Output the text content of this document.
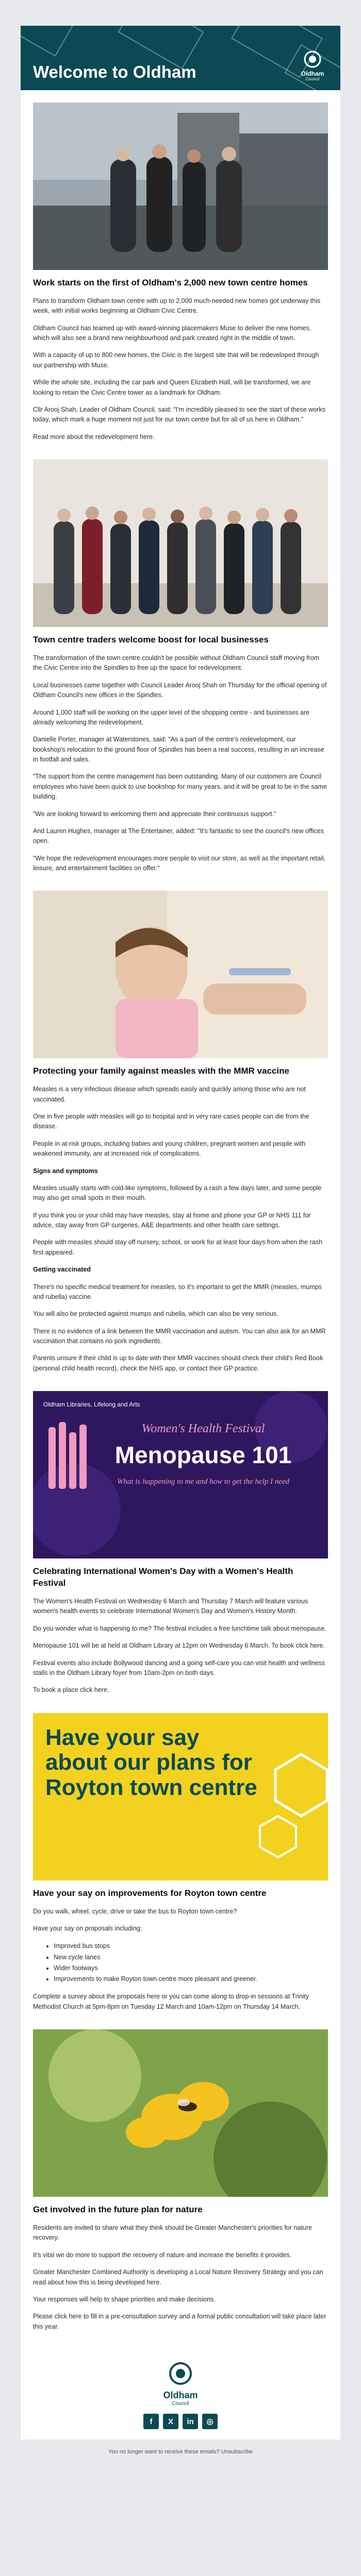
Welcome to Oldham	Oldham
Council
Work starts on the first of Oldham's 2,000 new town centre homes

Plans to transform Oldham town centre with up to 2,000 much-needed new homes got underway this week, with initial works beginning at Oldham Civic Centre.

Oldham Council has teamed up with award-winning placemakers Muse to deliver the new homes, which will also see a brand new neighbourhood and park created right in the middle of town.

With a capacity of up to 800 new homes, the Civic is the largest site that will be redeveloped through our partnership with Muse.

While the whole site, including the car park and Queen Elizabeth Hall, will be transformed, we are looking to retain the Civic Centre tower as a landmark for Oldham.

Cllr Arooj Shah, Leader of Oldham Council, said: "I'm incredibly pleased to see the start of these works today, which mark a huge moment not just for our town centre but for all of us here in Oldham."

Read more about the redevelopment here.

Town centre traders welcome boost for local businesses

The transformation of the town centre couldn't be possible without Oldham Council staff moving from the Civic Centre into the Spindles to free up the space for redevelopment.

Local businesses came together with Council Leader Arooj Shah on Thursday for the official opening of Oldham Council's new offices in the Spindles.

Around 1,000 staff will be working on the upper level of the shopping centre - and businesses are already welcoming the redevelopment.

Danielle Porter, manager at Waterstones, said: "As a part of the centre's redevelopment, our bookshop's relocation to the ground floor of Spindles has been a real success, resulting in an increase in footfall and sales.

"The support from the centre management has been outstanding. Many of our customers are Council employees who have been quick to use bookshop for many years, and it will be great to be in the same building.

"We are looking forward to welcoming them and appreciate their continuous support."

And Lauren Hughes, manager at The Entertainer, added: "It's fantastic to see the council's new offices open.

"We hope the redevelopment encourages more people to visit our store, as well as the important retail, leisure, and entertainment facilities on offer."

Protecting your family against measles with the MMR vaccine

Measles is a very infectious disease which spreads easily and quickly among those who are not vaccinated.

One in five people with measles will go to hospital and in very rare cases people can die from the disease.

People in at-risk groups, including babies and young children, pregnant women and people with weakened immunity, are at increased risk of complications.

Signs and symptoms

Measles usually starts with cold-like symptoms, followed by a rash a few days later, and some people may also get small spots in their mouth.

If you think you or your child may have measles, stay at home and phone your GP or NHS 111 for advice, stay away from GP surgeries, A&E departments and other health care settings.

People with measles should stay off nursery, school, or work for at least four days from when the rash first appeared.

Getting vaccinated

There's no specific medical treatment for measles, so it's important to get the MMR (measles, mumps and rubella) vaccine.

You will also be protected against mumps and rubella, which can also be very serious.

There is no evidence of a link between the MMR vaccination and autism. You can also ask for an MMR vaccination that contains no pork ingredients.

Parents unsure if their child is up to date with their MMR vaccines should check their child's Red Book (personal child health record), check the NHS app, or contact their GP practice.

Oldham Libraries, Lifelong and Arts
Women's Health Festival
Menopause 101
What is happening to me and how to get the help I need
Celebrating International Women's Day with a Women's Health Festival

The Women's Health Festival on Wednesday 6 March and Thursday 7 March will feature various women's health events to celebrate International Women's Day and Women's History Month.

Do you wonder what is happening to me? The festival includes a free lunchtime talk about menopause.

Menopause 101 will be at held at Oldham Library at 12pm on Wednesday 6 March. To book click here.

Festival events also include Bollywood dancing and a going self-care you can visit health and wellness stalls in the Oldham Library foyer from 10am-2pm on both days.

To book a place click here.

Have your say about our plans for Royton town centre
Have your say on improvements for Royton town centre

Do you walk, wheel, cycle, drive or take the bus to Royton town centre?

Have your say on proposals including:

• Improved bus stops
• New cycle lanes
• Wider footways
• Improvements to make Royton town centre more pleasant and greener.

Complete a survey about the proposals here or you can come along to drop-in sessions at Trinity Methodist Church at 5pm-8pm on Tuesday 12 March and 10am-12pm on Thursday 14 March.

Get involved in the future plan for nature

Residents are invited to share what they think should be Greater Manchester's priorities for nature recovery.

It's vital we do more to support the recovery of nature and increase the benefits it provides.

Greater Manchester Combined Authority is developing a Local Nature Recovery Strategy and you can read about how this is being developed here.

Your responses will help to shape priorities and make decisions.

Please click here to fill in a pre-consultation survey and a formal public consultation will take place later this year.

Oldham
Council
f	X	in	◎
You no longer want to receive these emails? Unsubscribe
